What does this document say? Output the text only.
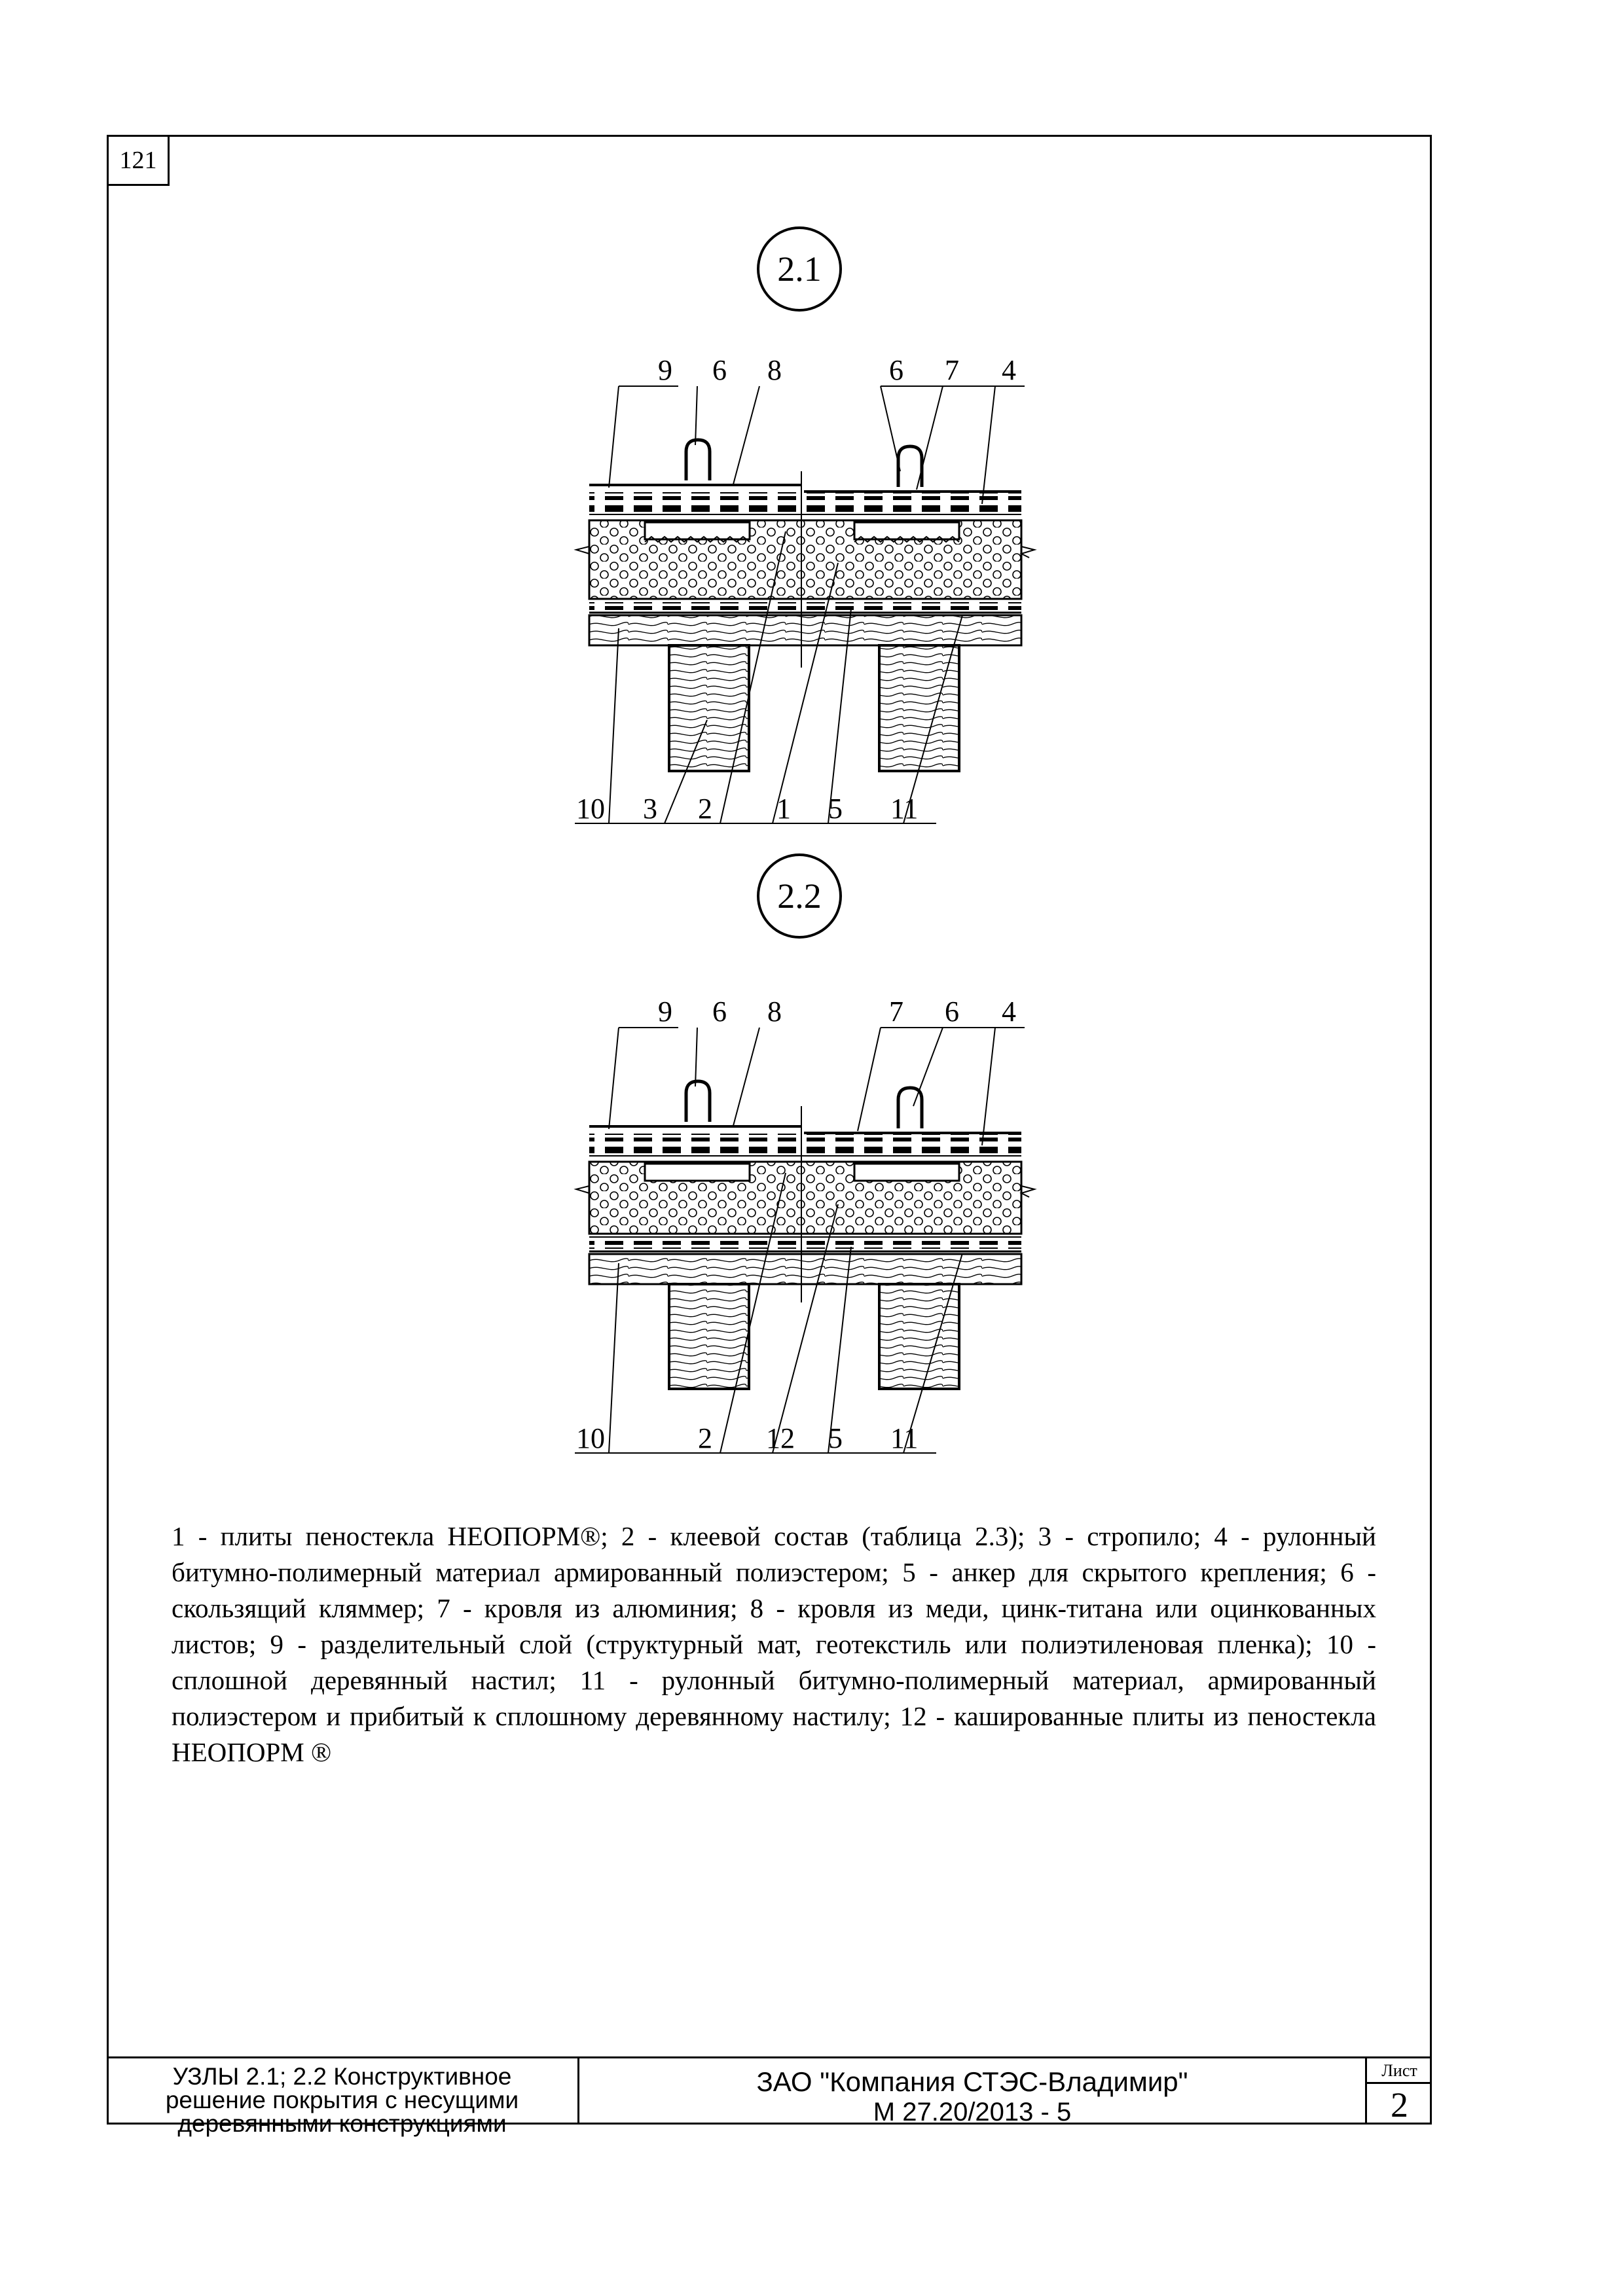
121
2.1
2.2
9 6 8	6 7 4
10 3 2 1 5 11
9 6 8	7 6 4
10	2 12 5 11
1 - плиты пеностекла НЕОПОРМ®; 2 - клеевой состав (таблица 2.3); 3 - стропило; 4 - рулонный битумно-полимерный материал армированный полиэстером; 5 - анкер для скрытого крепления; 6 - скользящий кляммер; 7 - кровля из алюминия; 8 - кровля из меди, цинк-титана или оцинкованных листов; 9 - разделительный слой (структурный мат, геотекстиль или полиэтиленовая пленка); 10 - сплошной деревянный настил; 11 - рулонный битумно-полимерный материал, армированный полиэстером и прибитый к сплошному деревянному настилу; 12 - кашированные плиты из пеностекла НЕОПОРМ ®
УЗЛЫ 2.1; 2.2 Конструктивное
решение покрытия с несущими
деревянными конструкциями
ЗАО "Компания СТЭС-Владимир"
М 27.20/2013 - 5
Лист
2
